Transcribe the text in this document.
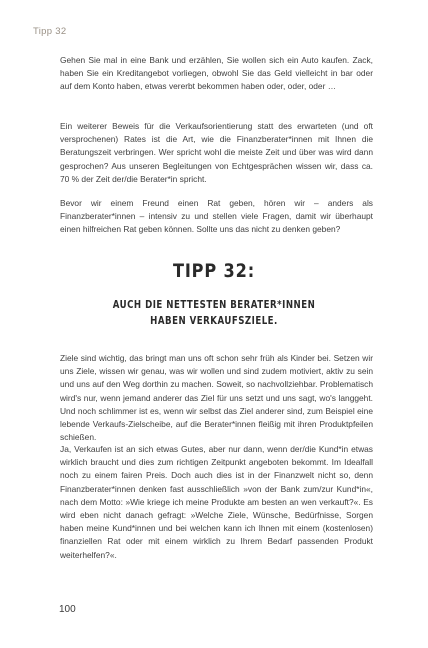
Tipp 32

Gehen Sie mal in eine Bank und erzählen, Sie wollen sich ein Auto kaufen. Zack, haben Sie ein Kreditangebot vorliegen, obwohl Sie das Geld vielleicht in bar oder auf dem Konto haben, etwas vererbt bekommen haben oder, oder, oder …

Ein weiterer Beweis für die Verkaufsorientierung statt des erwarteten (und oft versprochenen) Rates ist die Art, wie die Finanzberater*innen mit Ihnen die Beratungszeit verbringen. Wer spricht wohl die meiste Zeit und über was wird dann gesprochen? Aus unseren Begleitungen von Echtgesprächen wissen wir, dass ca. 70 % der Zeit der/die Berater*in spricht.

Bevor wir einem Freund einen Rat geben, hören wir – anders als Finanzberater*innen – intensiv zu und stellen viele Fragen, damit wir überhaupt einen hilfreichen Rat geben können. Sollte uns das nicht zu denken geben?

TIPP 32:
AUCH DIE NETTESTEN BERATER*INNEN
HABEN VERKAUFSZIELE.

Ziele sind wichtig, das bringt man uns oft schon sehr früh als Kinder bei. Setzen wir uns Ziele, wissen wir genau, was wir wollen und sind zudem motiviert, aktiv zu sein und uns auf den Weg dorthin zu machen. Soweit, so nachvollziehbar. Problematisch wird's nur, wenn jemand anderer das Ziel für uns setzt und uns sagt, wo's langgeht. Und noch schlimmer ist es, wenn wir selbst das Ziel anderer sind, zum Beispiel eine lebende Verkaufs-Zielscheibe, auf die Berater*innen fleißig mit ihren Produktpfeilen schießen.

Ja, Verkaufen ist an sich etwas Gutes, aber nur dann, wenn der/die Kund*in etwas wirklich braucht und dies zum richtigen Zeitpunkt angeboten bekommt. Im Idealfall noch zu einem fairen Preis. Doch auch dies ist in der Finanzwelt nicht so, denn Finanzberater*innen denken fast ausschließlich »von der Bank zum/zur Kund*in«, nach dem Motto: »Wie kriege ich meine Produkte am besten an wen verkauft?«. Es wird eben nicht danach gefragt: »Welche Ziele, Wünsche, Bedürfnisse, Sorgen haben meine Kund*innen und bei welchen kann ich Ihnen mit einem (kostenlosen) finanziellen Rat oder mit einem wirklich zu Ihrem Bedarf passenden Produkt weiterhelfen?«.

100
